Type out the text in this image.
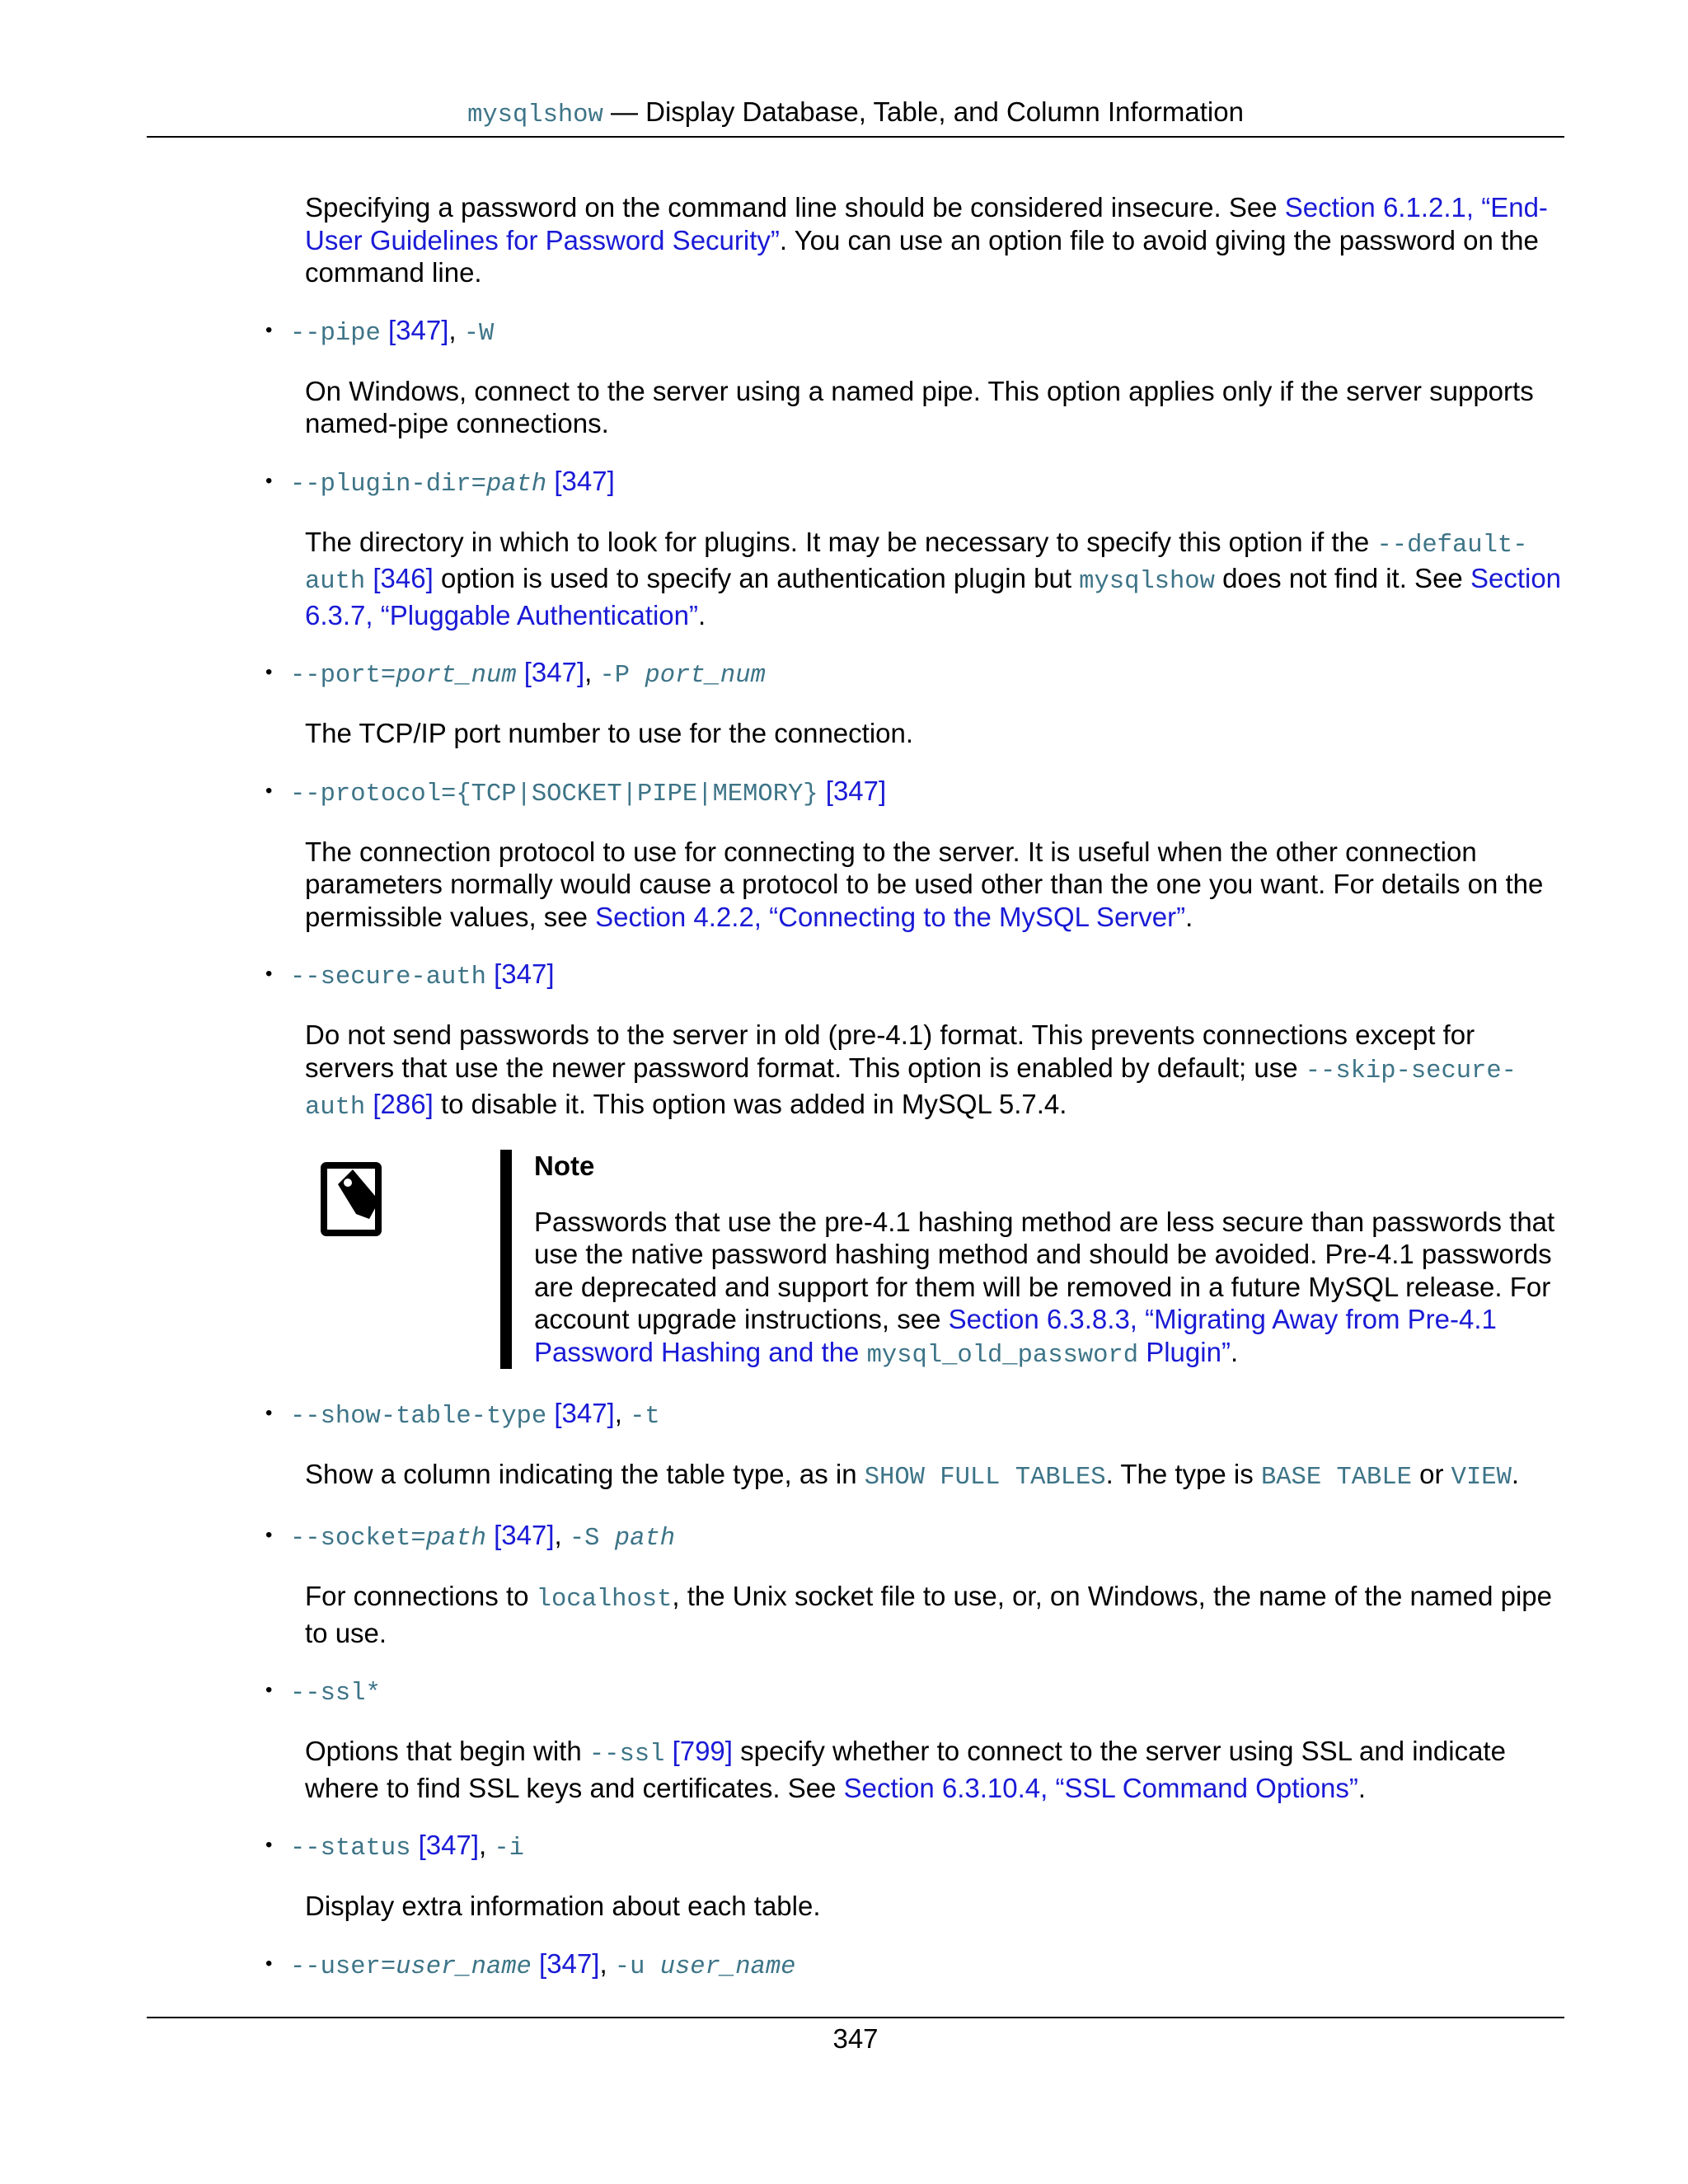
mysqlshow — Display Database, Table, and Column Information

Specifying a password on the command line should be considered insecure. See Section 6.1.2.1, “End-User Guidelines for Password Security”. You can use an option file to avoid giving the password on the command line.

• --pipe [347], -W

On Windows, connect to the server using a named pipe. This option applies only if the server supports named-pipe connections.

• --plugin-dir=path [347]

The directory in which to look for plugins. It may be necessary to specify this option if the --default-auth [346] option is used to specify an authentication plugin but mysqlshow does not find it. See Section 6.3.7, “Pluggable Authentication”.

• --port=port_num [347], -P port_num

The TCP/IP port number to use for the connection.

• --protocol={TCP|SOCKET|PIPE|MEMORY} [347]

The connection protocol to use for connecting to the server. It is useful when the other connection parameters normally would cause a protocol to be used other than the one you want. For details on the permissible values, see Section 4.2.2, “Connecting to the MySQL Server”.

• --secure-auth [347]

Do not send passwords to the server in old (pre-4.1) format. This prevents connections except for servers that use the newer password format. This option is enabled by default; use --skip-secure-auth [286] to disable it. This option was added in MySQL 5.7.4.

Note

Passwords that use the pre-4.1 hashing method are less secure than passwords that use the native password hashing method and should be avoided. Pre-4.1 passwords are deprecated and support for them will be removed in a future MySQL release. For account upgrade instructions, see Section 6.3.8.3, “Migrating Away from Pre-4.1 Password Hashing and the mysql_old_password Plugin”.

• --show-table-type [347], -t

Show a column indicating the table type, as in SHOW FULL TABLES. The type is BASE TABLE or VIEW.

• --socket=path [347], -S path

For connections to localhost, the Unix socket file to use, or, on Windows, the name of the named pipe to use.

• --ssl*

Options that begin with --ssl [799] specify whether to connect to the server using SSL and indicate where to find SSL keys and certificates. See Section 6.3.10.4, “SSL Command Options”.

• --status [347], -i

Display extra information about each table.

• --user=user_name [347], -u user_name
347
